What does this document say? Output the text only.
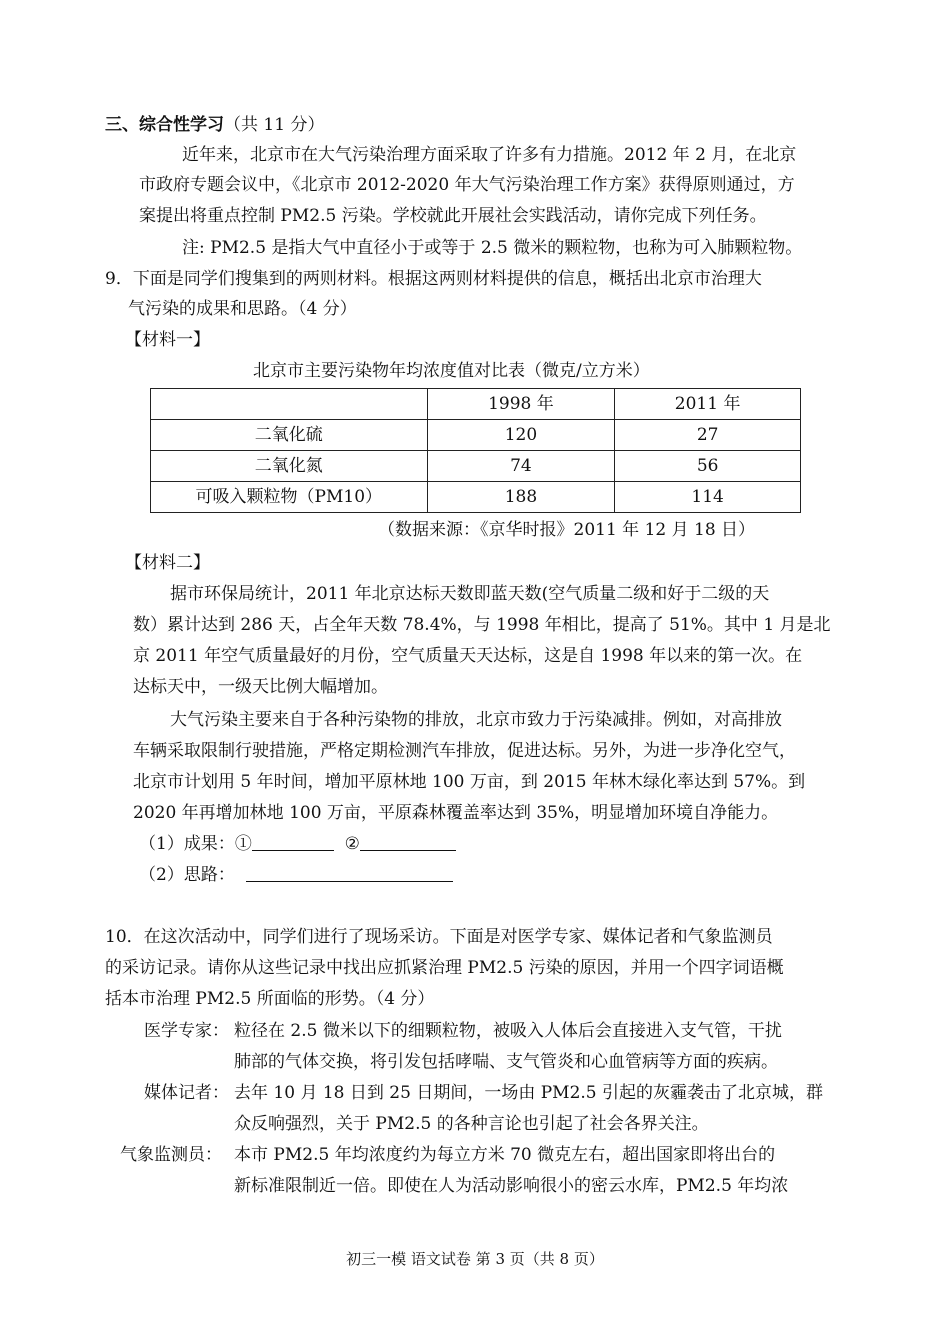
三、综合性学习（共 11 分）
近年来，北京市在大气污染治理方面采取了许多有力措施。2012 年 2 月，在北京
市政府专题会议中，《北京市 2012-2020 年大气污染治理工作方案》获得原则通过，方
案提出将重点控制 PM2.5 污染。学校就此开展社会实践活动，请你完成下列任务。
注: PM2.5 是指大气中直径小于或等于 2.5 微米的颗粒物，也称为可入肺颗粒物。
9．下面是同学们搜集到的两则材料。根据这两则材料提供的信息，概括出北京市治理大
气污染的成果和思路。（4 分）
【材料一】
北京市主要污染物年均浓度值对比表（微克/立方米）
	1998 年	2011 年
二氧化硫	120	27
二氧化氮	74	56
可吸入颗粒物（PM10）	188	114
（数据来源：《京华时报》2011 年 12 月 18 日）
【材料二】
据市环保局统计，2011 年北京达标天数即蓝天数(空气质量二级和好于二级的天
数）累计达到 286 天，占全年天数 78.4%，与 1998 年相比，提高了 51%。其中 1 月是北
京 2011 年空气质量最好的月份，空气质量天天达标，这是自 1998 年以来的第一次。在
达标天中，一级天比例大幅增加。
大气污染主要来自于各种污染物的排放，北京市致力于污染减排。例如，对高排放
车辆采取限制行驶措施，严格定期检测汽车排放，促进达标。另外，为进一步净化空气，
北京市计划用 5 年时间，增加平原林地 100 万亩，到 2015 年林木绿化率达到 57%。到
2020 年再增加林地 100 万亩，平原森林覆盖率达到 35%，明显增加环境自净能力。
（1）成果：①	②
（2）思路：
10．在这次活动中，同学们进行了现场采访。下面是对医学专家、媒体记者和气象监测员
的采访记录。请你从这些记录中找出应抓紧治理 PM2.5 污染的原因，并用一个四字词语概
括本市治理 PM2.5 所面临的形势。（4 分）
医学专家： 粒径在 2.5 微米以下的细颗粒物，被吸入人体后会直接进入支气管，干扰
肺部的气体交换，将引发包括哮喘、支气管炎和心血管病等方面的疾病。
媒体记者： 去年 10 月 18 日到 25 日期间，一场由 PM2.5 引起的灰霾袭击了北京城，群
众反响强烈，关于 PM2.5 的各种言论也引起了社会各界关注。
气象监测员： 本市 PM2.5 年均浓度约为每立方米 70 微克左右，超出国家即将出台的
新标准限制近一倍。即使在人为活动影响很小的密云水库，PM2.5 年均浓
初三一模 语文试卷 第 3 页（共 8 页）
